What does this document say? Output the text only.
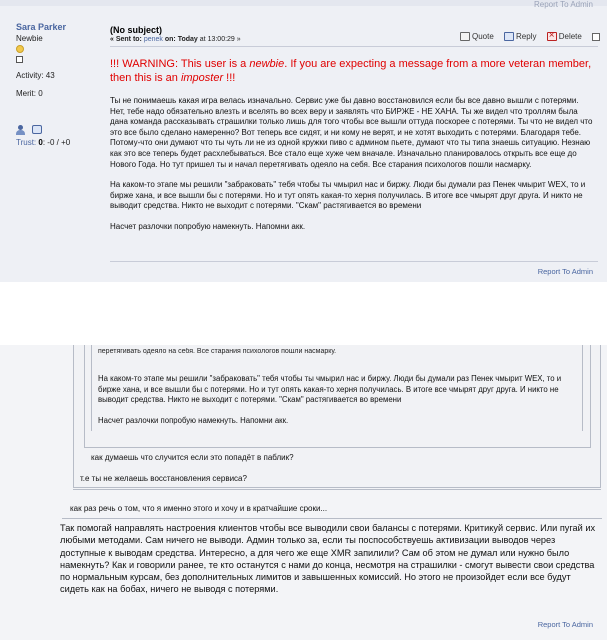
Report To Admin
Sara Parker
Newbie
Activity: 43
Merit: 0
Trust: 0: -0 / +0
(No subject)
« Sent to: penek on: Today at 13:00:29 »	Quote	Reply ×	Delete
!!! WARNING: This user is a newbie. If you are expecting a message from a more veteran member, then this is an imposter !!!

Ты не понимаешь какая игра велась изначально. Сервис уже бы давно восстановился если бы все давно вышли с потерями. Нет, тебе надо обязательно влезть и вселять во всех веру и заявлять что БИРЖЕ - НЕ ХАНА. Ты же видел что троллям была дана команда рассказывать страшилки только лишь для того чтобы все вышли оттуда поскорее с потерями. Ты что не видел что это все было сделано намеренно? Вот теперь все сидят, и ни кому не верят, и не хотят выходить с потерями. Благодаря тебе. Потому-что они думают что ты чуть ли не из одной кружки пиво с админом пьете, думают что ты типа знаешь ситуацию. Незнаю как это все теперь будет расхлебываться. Все стало еще хуже чем вначале. Изначально планировалось открыть все еще до Нового Года. Но тут пришел ты и начал перетягивать одеяло на себя. Все старания психологов пошли насмарку.

На каком-то этапе мы решили "забраковать" тебя чтобы ты чмырил нас и биржу. Люди бы думали раз Пенек чмырит WEX, то и бирже хана, и все вышли бы с потерями. Но и тут опять какая-то херня получилась. В итоге все чмырят друг друга. И никто не выводит средства. Никто не выходит с потерями. "Скам" растягивается во времени

Насчет разлочки попробую намекнуть. Напомни акк.

Report To Admin
перетягивать одеяло на себя. Все старания психологов пошли насмарку.

На каком-то этапе мы решили "забраковать" тебя чтобы ты чмырил нас и биржу. Люди бы думали раз Пенек чмырит WEX, то и бирже хана, и все вышли бы с потерями. Но и тут опять какая-то херня получилась. В итоге все чмырят друг друга. И никто не выводит средства. Никто не выходит с потерями. "Скам" растягивается во времени

Насчет разлочки попробую намекнуть. Напомни акк.

как думаешь что случится если это попадёт в паблик?
т.е ты не желаешь восстановления сервиса?
как раз речь о том, что я именно этого и хочу и в кратчайшие сроки...
Так помогай направлять настроения клиентов чтобы все выводили свои балансы с потерями. Критикуй сервис. Или пугай их любыми методами. Сам ничего не выводи. Админ только за, если ты поспособствуешь активизации выводов через доступные к выводам средства. Интересно, а для чего же еще XMR запилили? Сам об этом не думал или нужно было намекнуть? Как и говорили ранее, те кто останутся с нами до конца, несмотря на страшилки - смогут вывести свои средства по нормальным курсам, без дополнительных лимитов и завышенных комиссий. Но этого не произойдет если все будут сидеть как на бобах, ничего не выводя с потерями.
Report To Admin
